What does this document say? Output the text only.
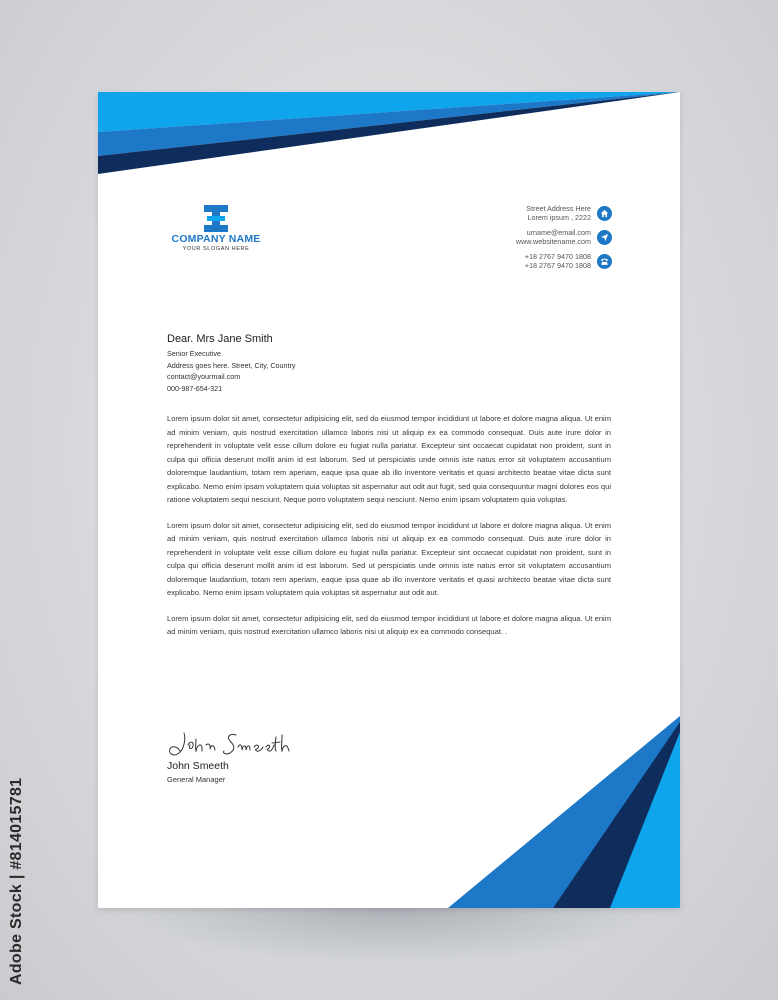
COMPANY NAME
YOUR SLOGAN HERE
Street Address Here
Lorem ipsum , 2222
urname@email.com
www.websitename.com
+18 2767 9470 1808
+18 2767 9470 1808
Dear. Mrs Jane Smith
Senior Executive
Address goes here. Street, City, Country
contact@yourmail.com
000-987-654-321

Lorem ipsum dolor sit amet, consectetur adipisicing elit, sed do eiusmod tempor incididunt ut labore et dolore magna aliqua. Ut enim ad minim veniam, quis nostrud exercitation ullamco laboris nisi ut aliquip ex ea commodo consequat. Duis aute irure dolor in reprehenderit in voluptate velit esse cillum dolore eu fugiat nulla pariatur. Excepteur sint occaecat cupidatat non proident, sunt in culpa qui officia deserunt mollit anim id est laborum. Sed ut perspiciatis unde omnis iste natus error sit voluptatem accusantium doloremque laudantium, totam rem aperiam, eaque ipsa quae ab illo inventore veritatis et quasi architecto beatae vitae dicta sunt explicabo. Nemo enim ipsam voluptatem quia voluptas sit aspernatur aut odit aut fugit, sed quia consequuntur magni dolores eos qui ratione voluptatem sequi nesciunt. Neque porro voluptatem sequi nesciunt. Nemo enim ipsam voluptatem quia voluptas.

Lorem ipsum dolor sit amet, consectetur adipisicing elit, sed do eiusmod tempor incididunt ut labore et dolore magna aliqua. Ut enim ad minim veniam, quis nostrud exercitation ullamco laboris nisi ut aliquip ex ea commodo consequat. Duis aute irure dolor in reprehenderit in voluptate velit esse cillum dolore eu fugiat nulla pariatur. Excepteur sint occaecat cupidatat non proident, sunt in culpa qui officia deserunt mollit anim id est laborum. Sed ut perspiciatis unde omnis iste natus error sit voluptatem accusantium doloremque laudantium, totam rem aperiam, eaque ipsa quae ab illo inventore veritatis et quasi architecto beatae vitae dicta sunt explicabo. Nemo enim ipsam voluptatem quia voluptas sit aspernatur aut odit aut.

Lorem ipsum dolor sit amet, consectetur adipisicing elit, sed do eiusmod tempor incididunt ut labore et dolore magna aliqua. Ut enim ad minim veniam, quis nostrud exercitation ullamco laboris nisi ut aliquip ex ea commodo consequat. .

John Smeeth
General Manager
Adobe Stock | #814015781
